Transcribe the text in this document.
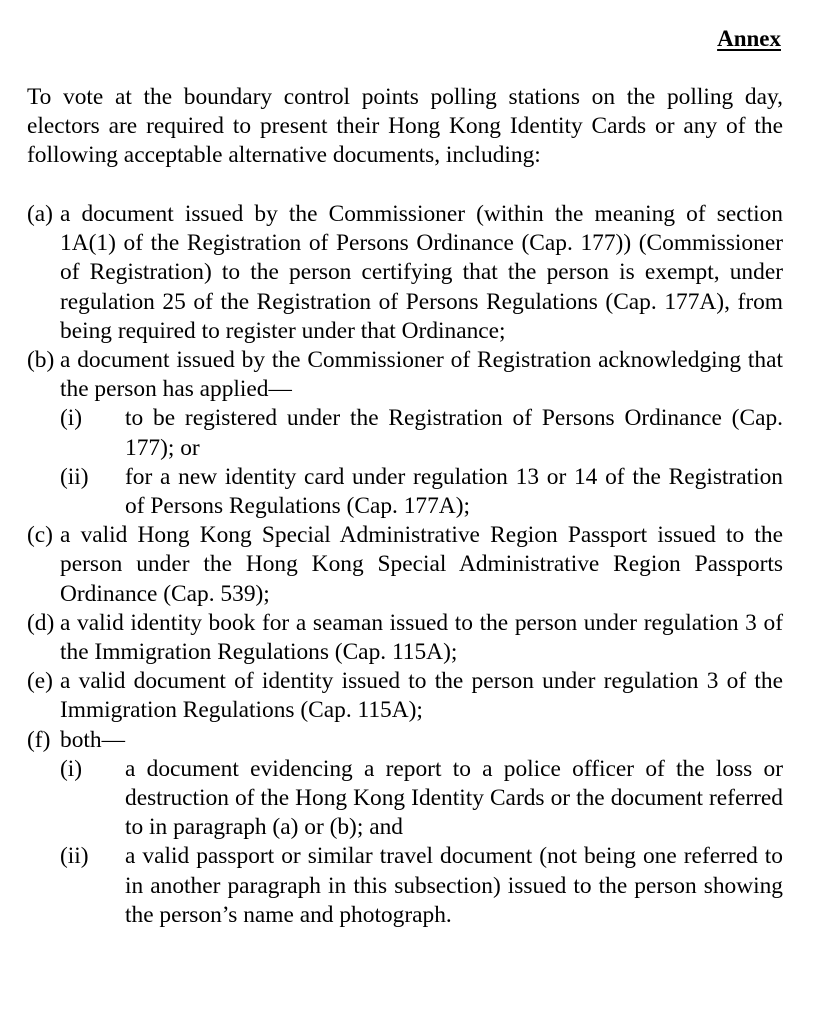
Annex
To vote at the boundary control points polling stations on the polling day, electors are required to present their Hong Kong Identity Cards or any of the following acceptable alternative documents, including:
(a) a document issued by the Commissioner (within the meaning of section 1A(1) of the Registration of Persons Ordinance (Cap. 177)) (Commissioner of Registration) to the person certifying that the person is exempt, under regulation 25 of the Registration of Persons Regulations (Cap. 177A), from being required to register under that Ordinance;
(b) a document issued by the Commissioner of Registration acknowledging that the person has applied—
(i) to be registered under the Registration of Persons Ordinance (Cap. 177); or
(ii) for a new identity card under regulation 13 or 14 of the Registration of Persons Regulations (Cap. 177A);
(c) a valid Hong Kong Special Administrative Region Passport issued to the person under the Hong Kong Special Administrative Region Passports Ordinance (Cap. 539);
(d) a valid identity book for a seaman issued to the person under regulation 3 of the Immigration Regulations (Cap. 115A);
(e) a valid document of identity issued to the person under regulation 3 of the Immigration Regulations (Cap. 115A);
(f) both—
(i) a document evidencing a report to a police officer of the loss or destruction of the Hong Kong Identity Cards or the document referred to in paragraph (a) or (b); and
(ii) a valid passport or similar travel document (not being one referred to in another paragraph in this subsection) issued to the person showing the person’s name and photograph.
